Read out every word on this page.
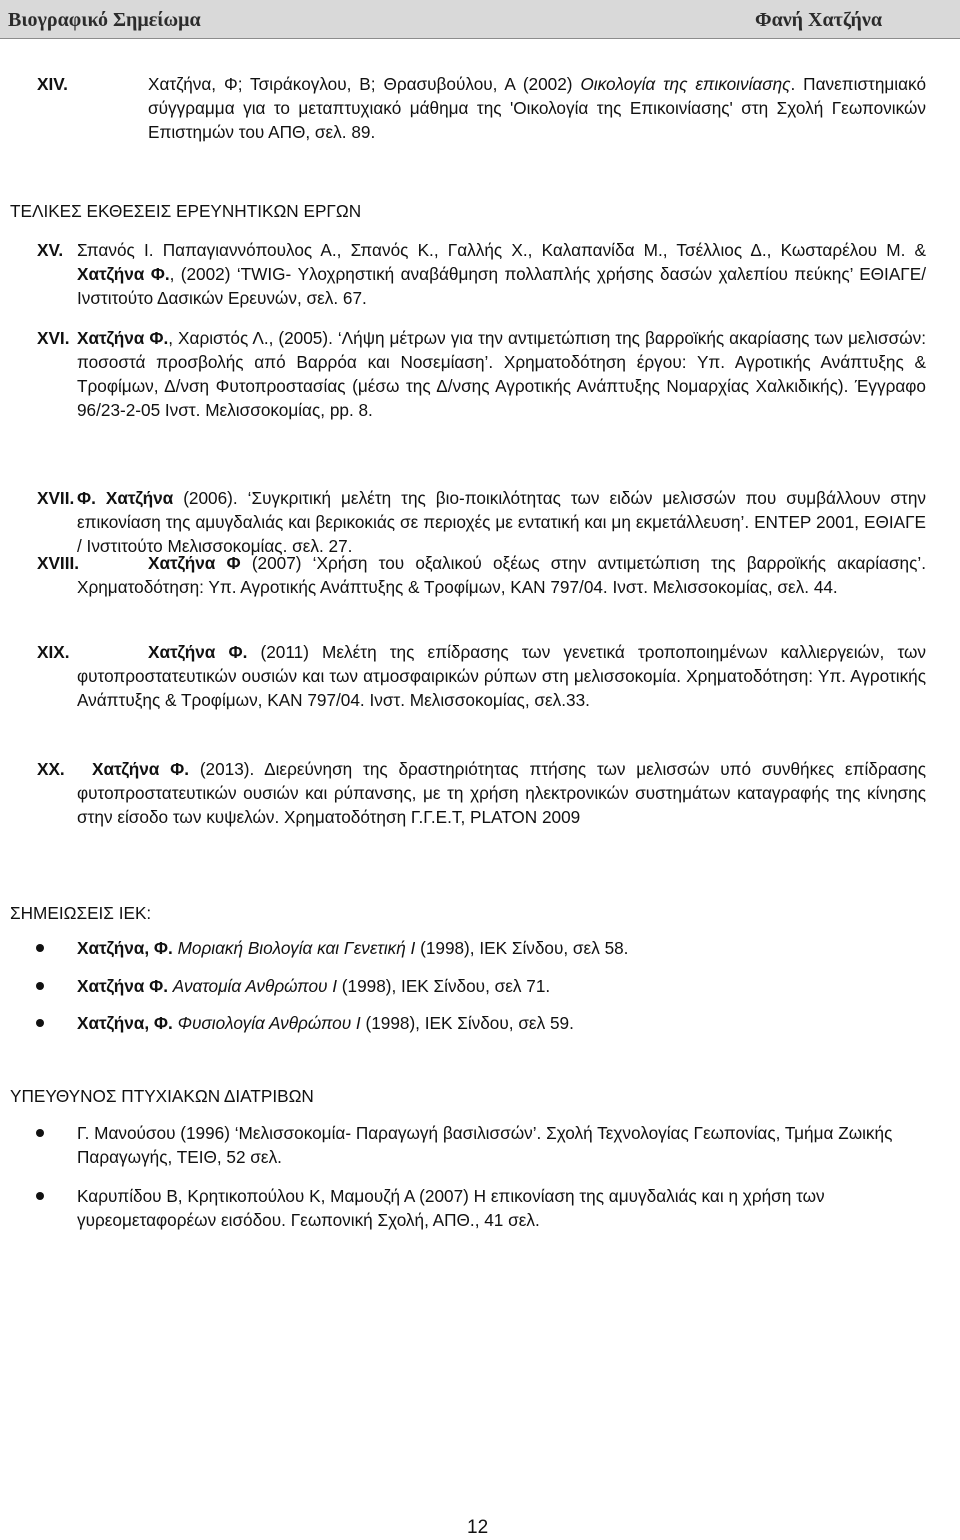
Βιογραφικό Σημείωμα	Φανή Χατζήνα
XIV.	Χατζήνα, Φ; Τσιράκογλου, Β; Θρασυβούλου, Α (2002) Οικολογία της επικοινίασης. Πανεπιστημιακό σύγγραμμα για το μεταπτυχιακό μάθημα της 'Οικολογία της Επικοινίασης' στη Σχολή Γεωπονικών Επιστημών του ΑΠΘ, σελ. 89.
ΤΕΛΙΚΕΣ ΕΚΘΕΣΕΙΣ ΕΡΕΥΝΗΤΙΚΩΝ ΕΡΓΩΝ
XV. Σπανός Ι. Παπαγιαννόπουλος Α., Σπανός Κ., Γαλλής Χ., Καλαπανίδα Μ., Τσέλλιος Δ., Κωσταρέλου Μ. & Χατζήνα Φ., (2002) ‘TWIG- Υλοχρηστική αναβάθμηση πολλαπλής χρήσης δασών χαλεπίου πεύκης’ ΕΘΙΑΓΕ/ Ινστιτούτο Δασικών Ερευνών, σελ. 67.
XVI. Χατζήνα Φ., Χαριστός Λ., (2005). ‘Λήψη μέτρων για την αντιμετώπιση της βαρροϊκής ακαρίασης των μελισσών: ποσοστά προσβολής από Βαρρόα και Νοσεμίαση’. Χρηματοδότηση έργου: Υπ. Αγροτικής Ανάπτυξης & Τροφίμων, Δ/νση Φυτοπροστασίας (μέσω της Δ/νσης Αγροτικής Ανάπτυξης Νομαρχίας Χαλκιδικής). Έγγραφο 96/23-2-05 Ινστ. Μελισσοκομίας, pp. 8.
XVII. Φ. Χατζήνα (2006). ‘Συγκριτική μελέτη της βιο-ποικιλότητας των ειδών μελισσών που συμβάλλουν στην επικονίαση της αμυγδαλιάς και βερικοκιάς σε περιοχές με εντατική και μη εκμετάλλευση’. ΕΝΤΕΡ 2001, ΕΘΙΑΓΕ / Ινστιτούτο Μελισσοκομίας. σελ. 27.
XVIII.	Χατζήνα Φ (2007) ‘Χρήση του οξαλικού οξέως στην αντιμετώπιση της βαρροϊκής ακαρίασης’. Χρηματοδότηση: Υπ. Αγροτικής Ανάπτυξης & Τροφίμων, ΚΑΝ 797/04. Ινστ. Μελισσοκομίας, σελ. 44.
XIX.	Χατζήνα Φ. (2011) Μελέτη της επίδρασης των γενετικά τροποποιημένων καλλιεργειών, των φυτοπροστατευτικών ουσιών και των ατμοσφαιρικών ρύπων στη μελισσοκομία. Χρηματοδότηση: Υπ. Αγροτικής Ανάπτυξης & Τροφίμων, ΚΑΝ 797/04. Ινστ. Μελισσοκομίας, σελ.33.
XX.	Χατζήνα Φ. (2013). Διερεύνηση της δραστηριότητας πτήσης των μελισσών υπό συνθήκες επίδρασης φυτοπροστατευτικών ουσιών και ρύπανσης, με τη χρήση ηλεκτρονικών συστημάτων καταγραφής της κίνησης στην είσοδο των κυψελών. Χρηματοδότηση Γ.Γ.Ε.Τ, PLATON 2009
ΣΗΜΕΙΩΣΕΙΣ ΙΕΚ:
Χατζήνα, Φ. Μοριακή Βιολογία και Γενετική Ι (1998), ΙΕΚ Σίνδου, σελ 58.
Χατζήνα Φ. Ανατομία Ανθρώπου Ι (1998), ΙΕΚ Σίνδου, σελ 71.
Χατζήνα, Φ. Φυσιολογία Ανθρώπου Ι (1998), ΙΕΚ Σίνδου, σελ 59.
ΥΠΕΥΘΥΝΟΣ ΠΤΥΧΙΑΚΩΝ ΔΙΑΤΡΙΒΩΝ
Γ. Μανούσου (1996) ‘Μελισσοκομία- Παραγωγή βασιλισσών’. Σχολή Τεχνολογίας Γεωπονίας, Τμήμα Ζωικής Παραγωγής, ΤΕΙΘ, 52 σελ.
Καρυπίδου Β, Κρητικοπούλου Κ, Μαμουζή Α (2007) Η επικονίαση της αμυγδαλιάς και η χρήση των γυρεομεταφορέων εισόδου. Γεωπονική Σχολή, ΑΠΘ., 41 σελ.
12
